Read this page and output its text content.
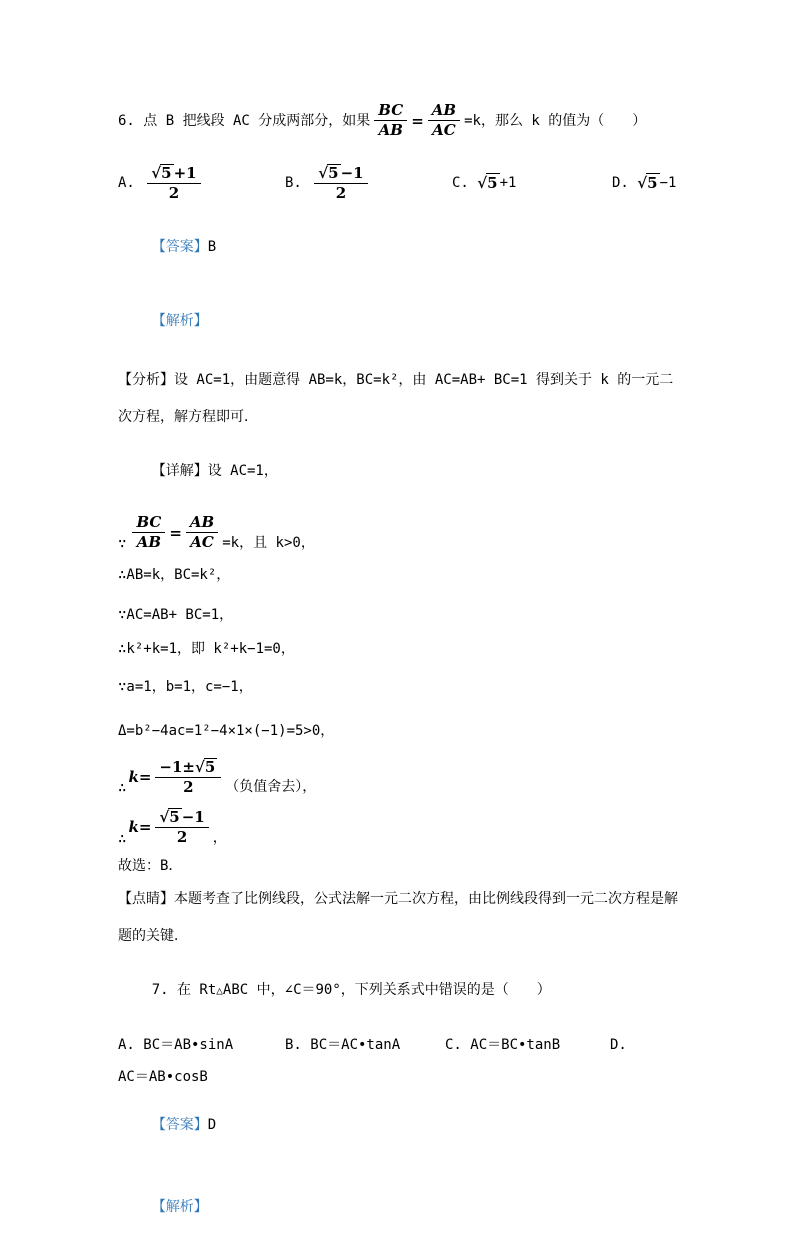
6. 点 B 把线段 AC 分成两部分，如果 $\frac{BC}{AB} = \frac{AB}{AC} =k$，那么 k 的值为（　　）
A. $\frac{√ 5 +1}{2}$	B. $\frac{√ 5 -1}{2}$	C. √ 5 +1	D. √ 5 −1

【答案】B

【解析】

【分析】设 AC=1，由题意得 AB=k，BC=k²，由 AC=AB+ BC=1 得到关于 k 的一元二次方程，解方程即可．

【详解】设 AC=1，

∵ $\frac{BC}{AB} = \frac{AB}{AC} =k$，且 k>0，
∴AB=k，BC=k²，
∵AC=AB+ BC=1，
∴k²+k=1，即 k²+k−1=0，
∵a=1，b=1，c=−1，
Δ=b²−4ac=1²−4×1×(−1)=5>0，
∴
$k= \frac{-1\pm √ 5}{2}$ （负值舍去），
∴
$k= \frac{√ 5 -1}{2}$ ，
故选：B．
【点睛】本题考查了比例线段，公式法解一元二次方程，由比例线段得到一元二次方程是解题的关键．

7. 在 Rt△ABC 中，∠C＝90°，下列关系式中错误的是（　　）

A. BC＝AB•sinA	B. BC＝AC•tanA	C. AC＝BC•tanB	D.
AC＝AB•cosB

【答案】D

【解析】
